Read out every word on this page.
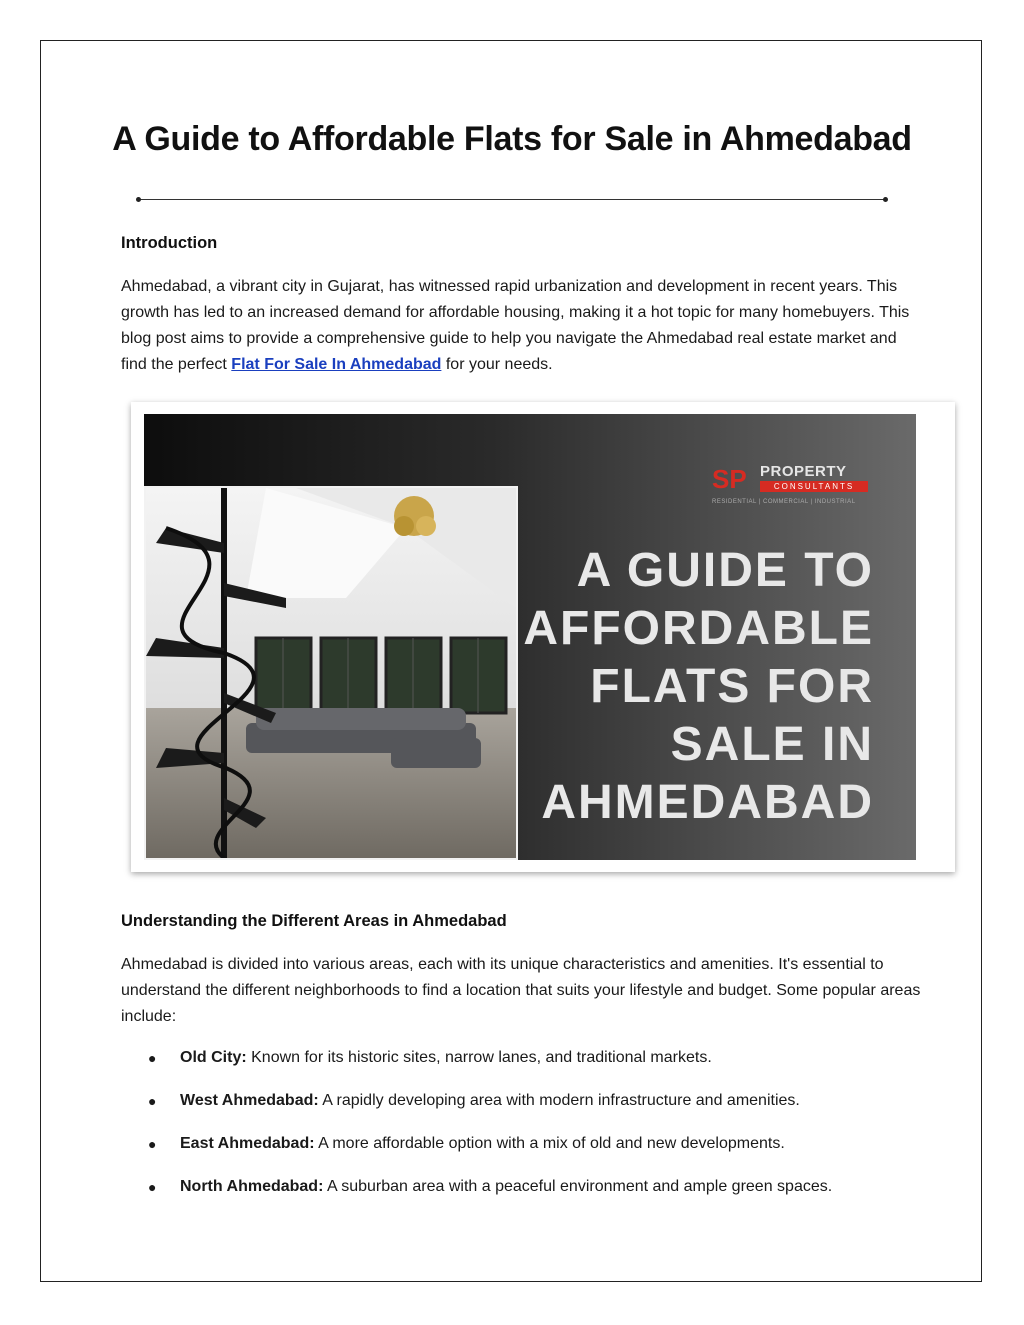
A Guide to Affordable Flats for Sale in Ahmedabad
Introduction

Ahmedabad, a vibrant city in Gujarat, has witnessed rapid urbanization and development in recent years. This growth has led to an increased demand for affordable housing, making it a hot topic for many homebuyers. This blog post aims to provide a comprehensive guide to help you navigate the Ahmedabad real estate market and find the perfect Flat For Sale In Ahmedabad for your needs.

SP PROPERTY
CONSULTANTS
RESIDENTIAL | COMMERCIAL | INDUSTRIAL
A GUIDE TO
AFFORDABLE
FLATS FOR
SALE IN
AHMEDABAD
Understanding the Different Areas in Ahmedabad

Ahmedabad is divided into various areas, each with its unique characteristics and amenities. It's essential to understand the different neighborhoods to find a location that suits your lifestyle and budget. Some popular areas include:

● Old City: Known for its historic sites, narrow lanes, and traditional markets.
● West Ahmedabad: A rapidly developing area with modern infrastructure and amenities.
● East Ahmedabad: A more affordable option with a mix of old and new developments.
● North Ahmedabad: A suburban area with a peaceful environment and ample green spaces.
